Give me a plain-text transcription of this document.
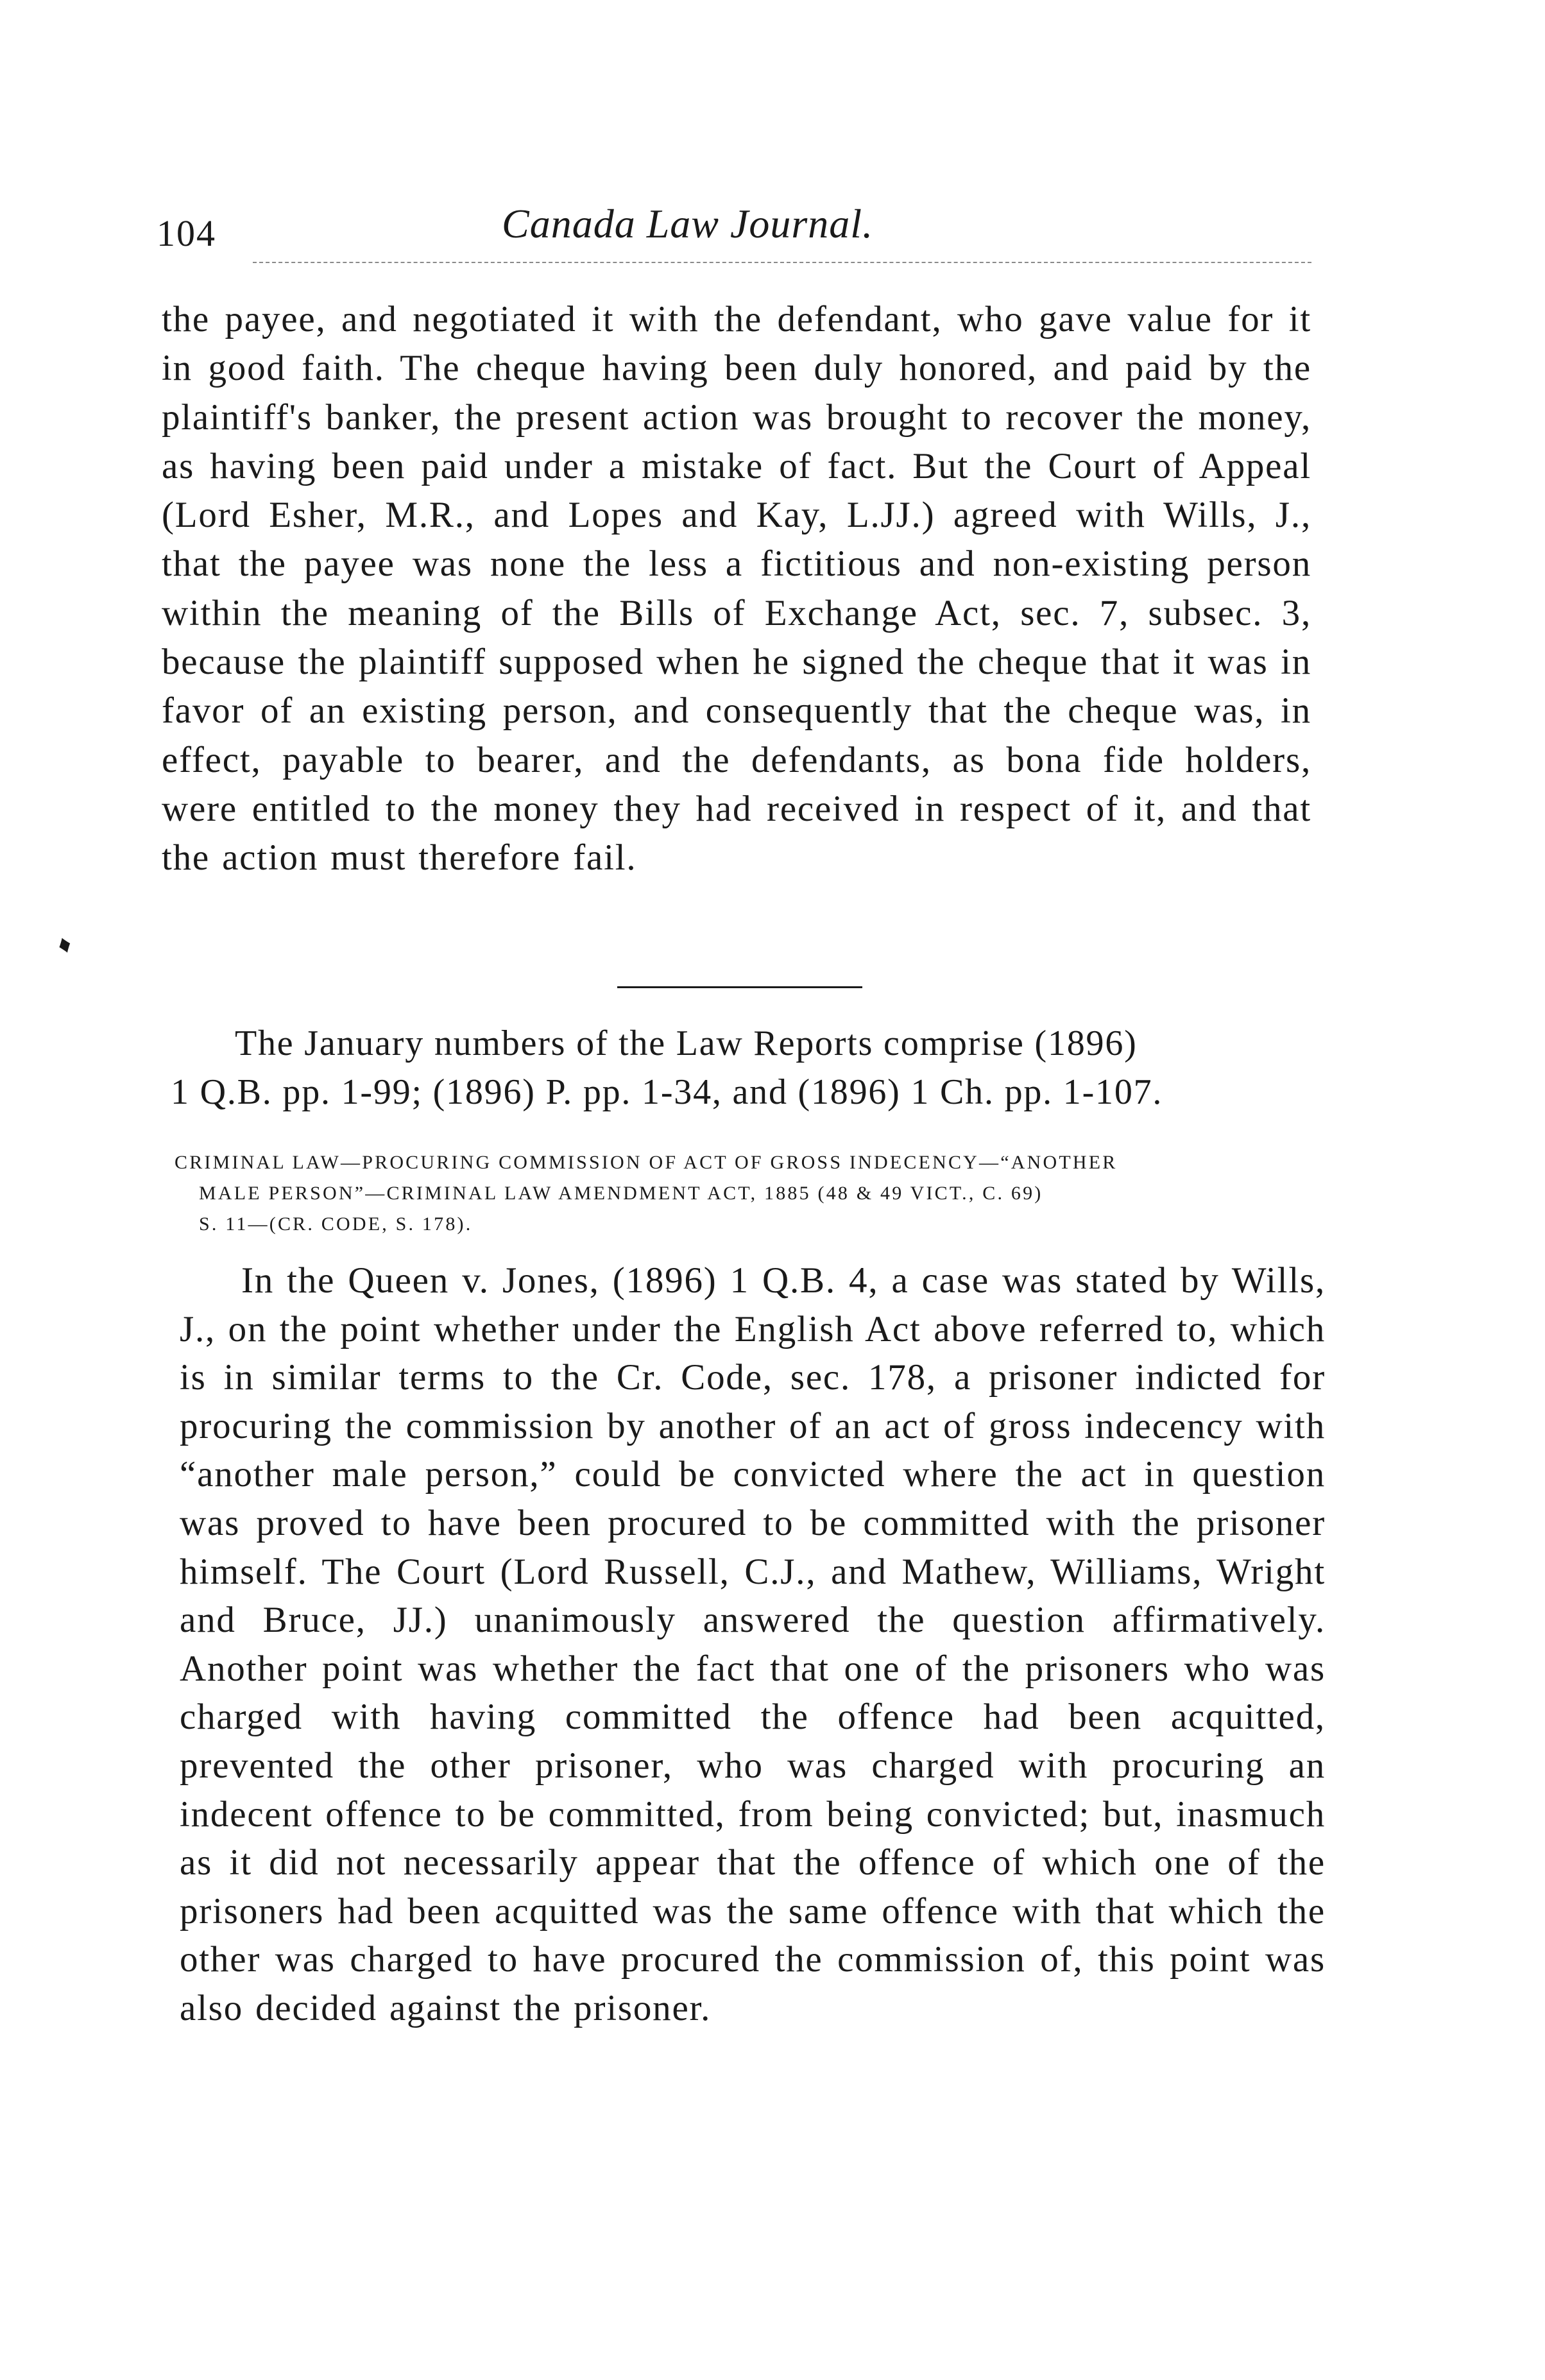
104	Canada Law Journal.
the payee, and negotiated it with the defendant, who gave value for it in good faith. The cheque having been duly honored, and paid by the plaintiff's banker, the present action was brought to recover the money, as having been paid under a mistake of fact. But the Court of Appeal (Lord Esher, M.R., and Lopes and Kay, L.JJ.) agreed with Wills, J., that the payee was none the less a fictitious and non-existing person within the meaning of the Bills of Exchange Act, sec. 7, subsec. 3, because the plaintiff supposed when he signed the cheque that it was in favor of an existing person, and consequently that the cheque was, in effect, payable to bearer, and the defendants, as bona fide holders, were entitled to the money they had received in respect of it, and that the action must therefore fail.
♦
The January numbers of the Law Reports comprise (1896)
1 Q.B. pp. 1-99; (1896) P. pp. 1-34, and (1896) 1 Ch. pp. 1-107.
CRIMINAL LAW—PROCURING COMMISSION OF ACT OF GROSS INDECENCY—“ANOTHER
MALE PERSON”—CRIMINAL LAW AMENDMENT ACT, 1885 (48 & 49 VICT., C. 69)
S. 11—(CR. CODE, S. 178).
In the Queen v. Jones, (1896) 1 Q.B. 4, a case was stated by Wills, J., on the point whether under the English Act above referred to, which is in similar terms to the Cr. Code, sec. 178, a prisoner indicted for procuring the commission by another of an act of gross indecency with “another male person,” could be convicted where the act in question was proved to have been procured to be committed with the prisoner himself. The Court (Lord Russell, C.J., and Mathew, Williams, Wright and Bruce, JJ.) unanimously answered the question affirmatively. Another point was whether the fact that one of the prisoners who was charged with having committed the offence had been acquitted, prevented the other prisoner, who was charged with procuring an indecent offence to be committed, from being convicted; but, inasmuch as it did not necessarily appear that the offence of which one of the prisoners had been acquitted was the same offence with that which the other was charged to have procured the commission of, this point was also decided against the prisoner.
